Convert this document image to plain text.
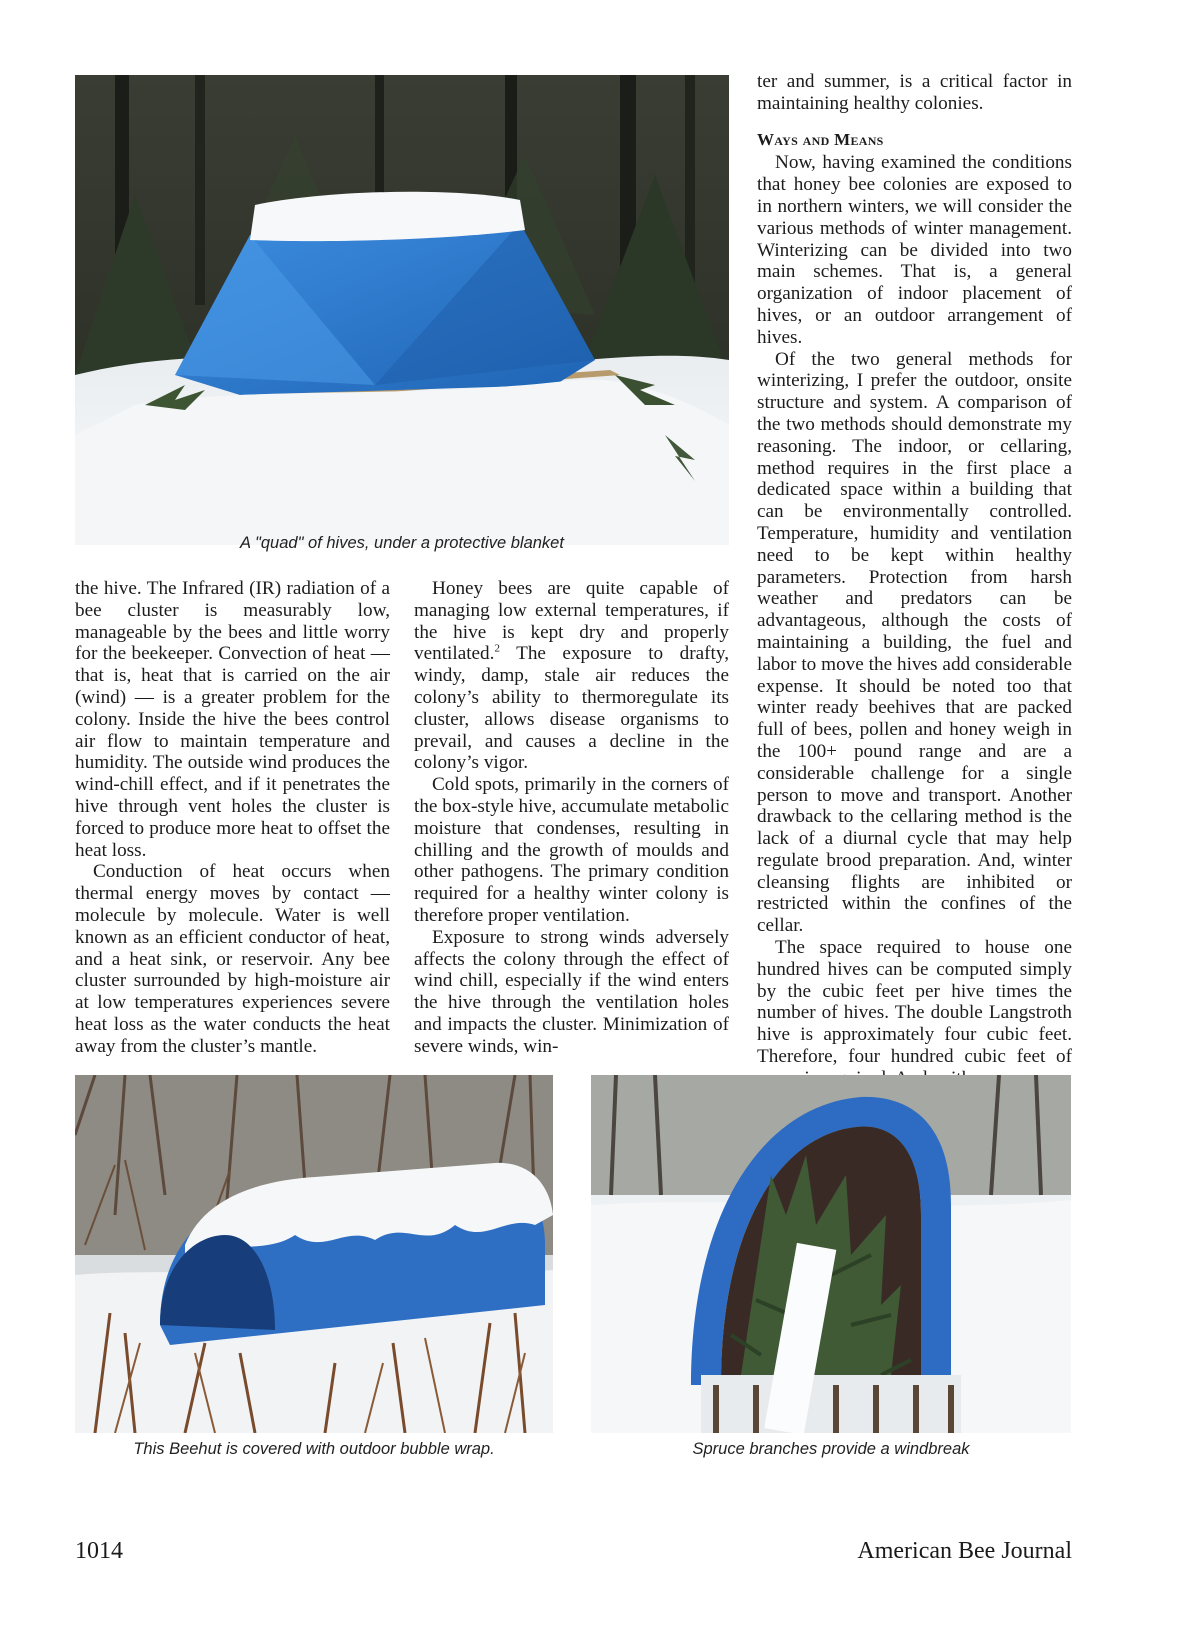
A "quad" of hives, under a protective blanket

the hive. The Infrared (IR) radiation of a bee cluster is measurably low, manageable by the bees and little worry for the beekeeper. Convection of heat — that is, heat that is carried on the air (wind) — is a greater problem for the colony. Inside the hive the bees control air flow to maintain temperature and humidity. The outside wind produces the wind-chill effect, and if it penetrates the hive through vent holes the cluster is forced to produce more heat to offset the heat loss.

Conduction of heat occurs when thermal energy moves by contact — molecule by molecule. Water is well known as an efficient conductor of heat, and a heat sink, or reservoir. Any bee cluster surrounded by high-moisture air at low temperatures experiences severe heat loss as the water conducts the heat away from the cluster’s mantle.

Honey bees are quite capable of managing low external temperatures, if the hive is kept dry and properly ventilated.$^2$ The exposure to drafty, windy, damp, stale air reduces the colony’s ability to thermoregulate its cluster, allows disease organisms to prevail, and causes a decline in the colony’s vigor.

Cold spots, primarily in the corners of the box-style hive, accumulate metabolic moisture that condenses, resulting in chilling and the growth of moulds and other pathogens. The primary condition required for a healthy winter colony is therefore proper ventilation.

Exposure to strong winds adversely affects the colony through the effect of wind chill, especially if the wind enters the hive through the ventilation holes and impacts the cluster. Minimization of severe winds, win-

ter and summer, is a critical factor in maintaining healthy colonies.

Ways and Means

Now, having examined the conditions that honey bee colonies are exposed to in northern winters, we will consider the various methods of winter management. Winterizing can be divided into two main schemes. That is, a general organization of indoor placement of hives, or an outdoor arrangement of hives.

Of the two general methods for winterizing, I prefer the outdoor, onsite structure and system. A comparison of the two methods should demonstrate my reasoning. The indoor, or cellaring, method requires in the first place a dedicated space within a building that can be environmentally controlled. Temperature, humidity and ventilation need to be kept within healthy parameters. Protection from harsh weather and predators can be advantageous, although the costs of maintaining a building, the fuel and labor to move the hives add considerable expense. It should be noted too that winter ready beehives that are packed full of bees, pollen and honey weigh in the 100+ pound range and are a considerable challenge for a single person to move and transport. Another drawback to the cellaring method is the lack of a diurnal cycle that may help regulate brood preparation. And, winter cleansing flights are inhibited or restricted within the confines of the cellar.

The space required to house one hundred hives can be computed simply by the cubic feet per hive times the number of hives. The double Langstroth hive is approximately four cubic feet. Therefore, four hundred cubic feet of

This Beehut is covered with outdoor bubble wrap.	Spruce branches provide a windbreak
1014	American Bee Journal
